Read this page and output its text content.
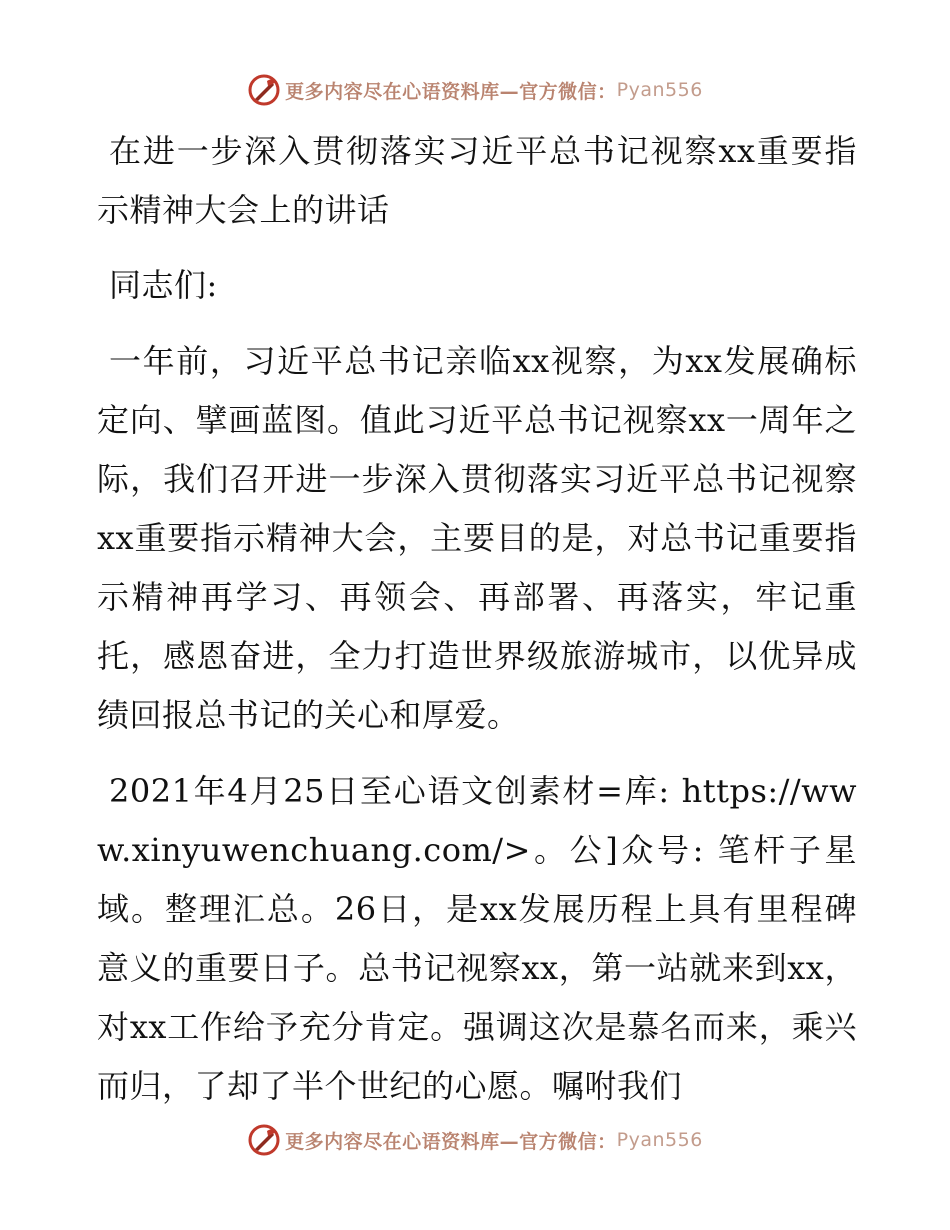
更多内容尽在心语资料库—官方微信： Pyan556

在进一步深入贯彻落实习近平总书记视察xx重要指示精神大会上的讲话

同志们:

一年前，习近平总书记亲临xx视察，为xx发展确标定向、擘画蓝图。值此习近平总书记视察xx一周年之际，我们召开进一步深入贯彻落实习近平总书记视察xx重要指示精神大会，主要目的是，对总书记重要指示精神再学习、再领会、再部署、再落实，牢记重托，感恩奋进，全力打造世界级旅游城市，以优异成绩回报总书记的关心和厚爱。

2021年4月25日至心语文创素材=库: https://www.xinyuwenchuang.com/>。公]众号: 笔杆子星域。整理汇总。26日，是xx发展历程上具有里程碑意义的重要日子。总书记视察xx，第一站就来到xx，对xx工作给予充分肯定。强调这次是慕名而来，乘兴而归，了却了半个世纪的心愿。嘱咐我们

更多内容尽在心语资料库—官方微信： Pyan556
